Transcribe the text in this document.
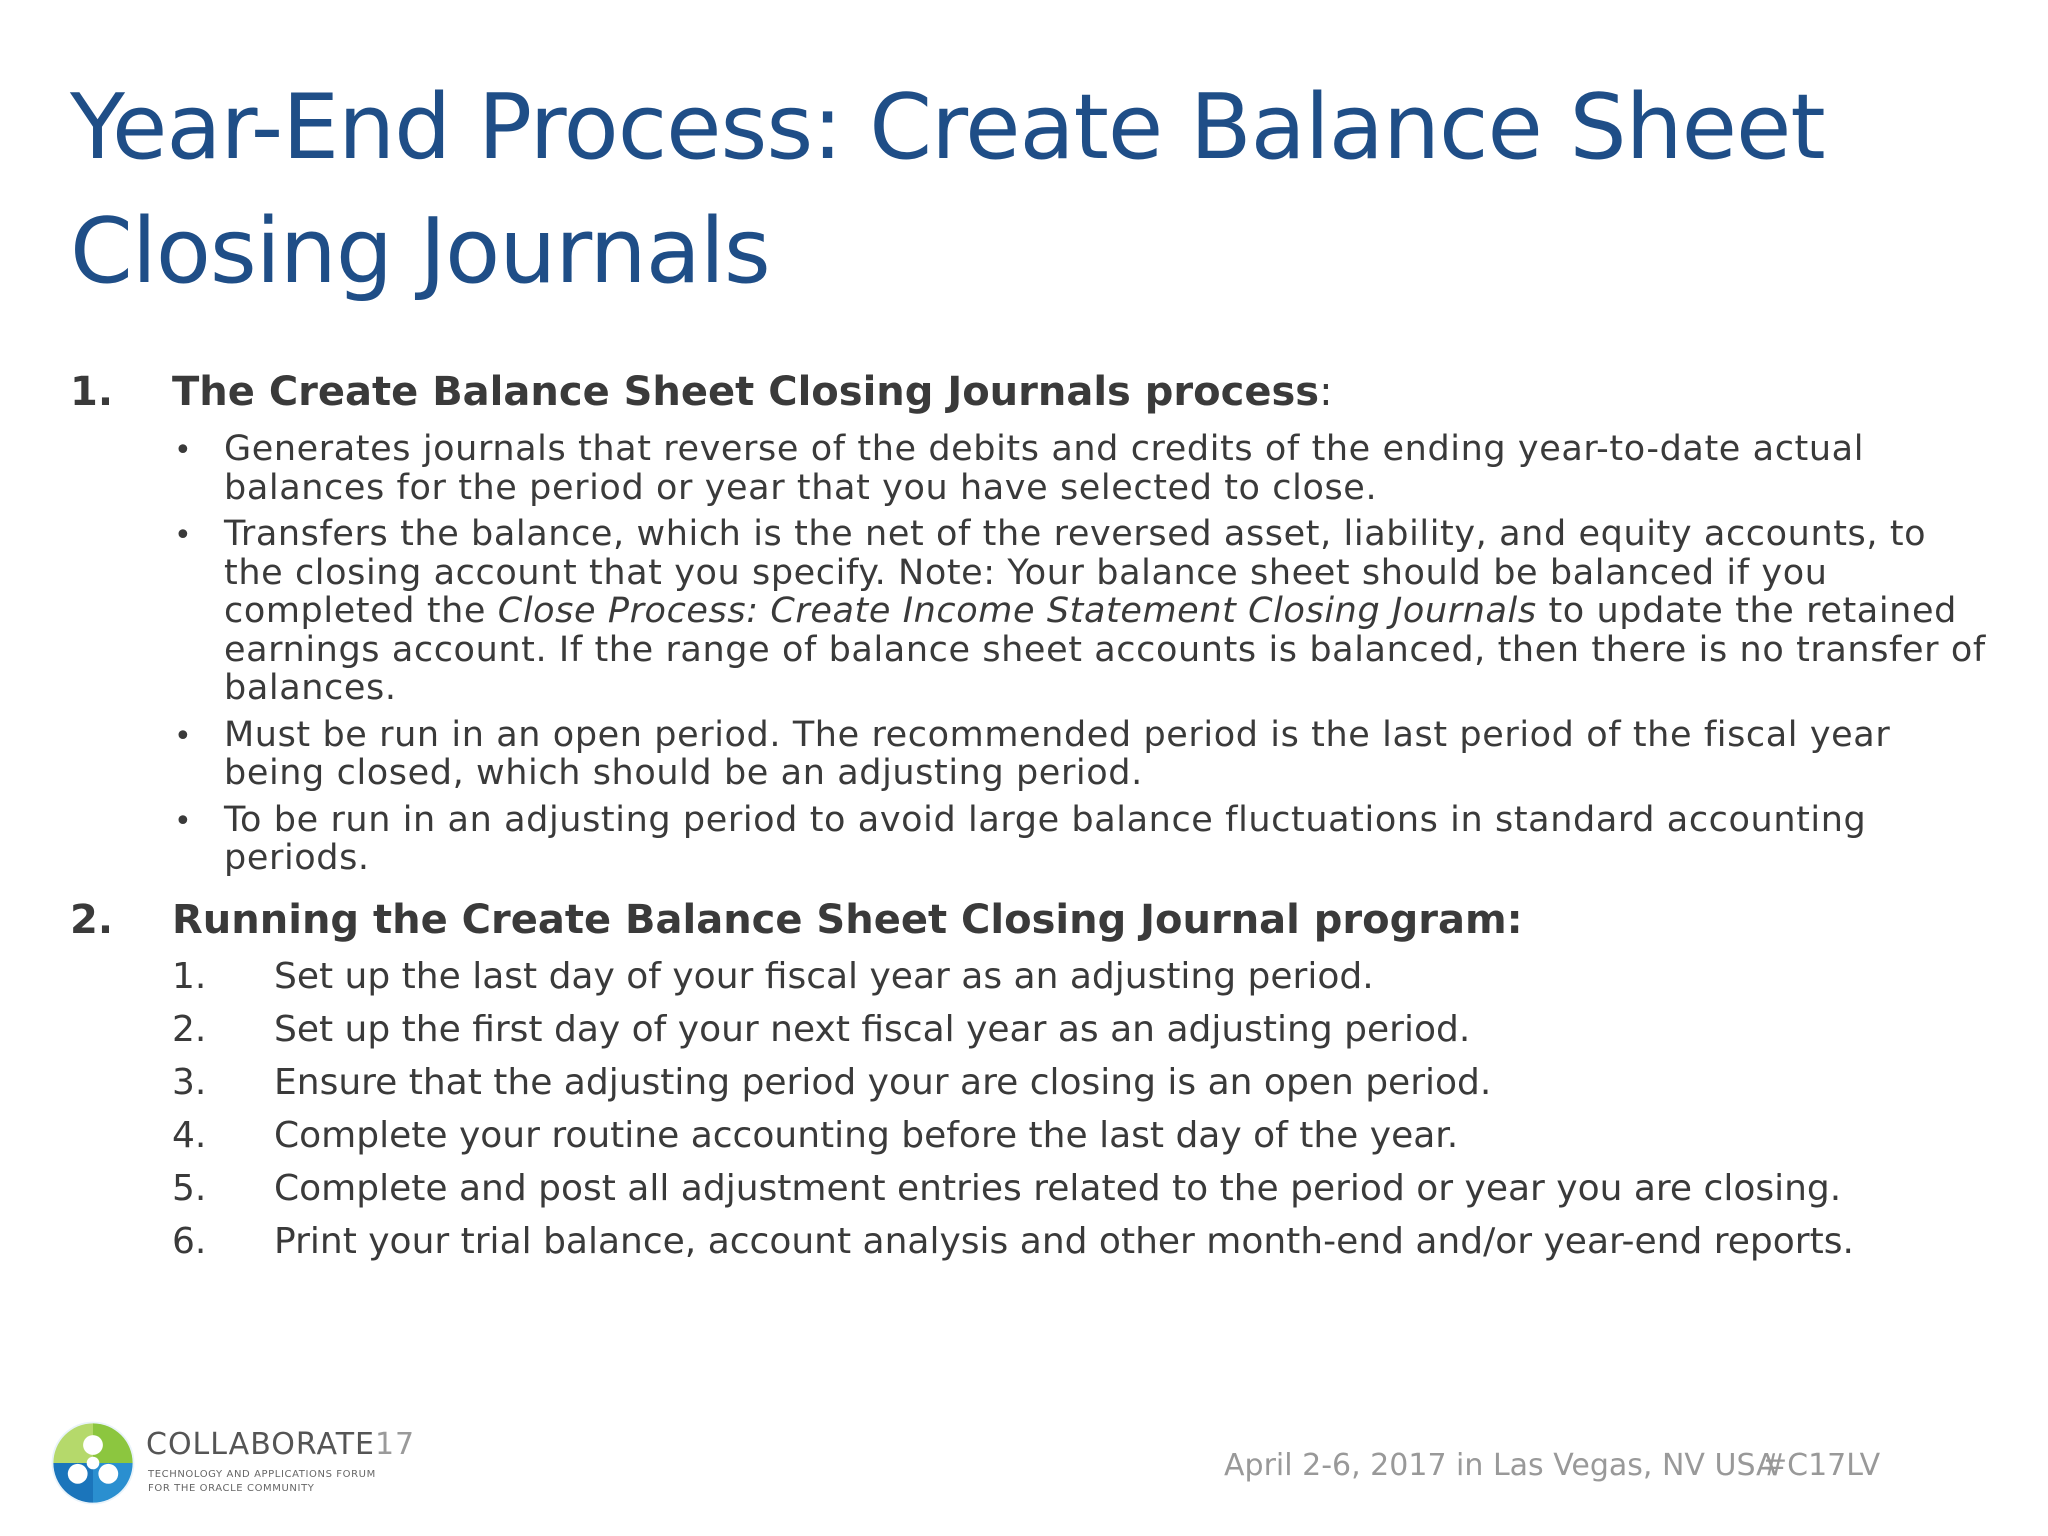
Year-End Process: Create Balance Sheet
Closing Journals
1. The Create Balance Sheet Closing Journals process:
• Generates journals that reverse of the debits and credits of the ending year-to-date actual balances for the period or year that you have selected to close.
• Transfers the balance, which is the net of the reversed asset, liability, and equity accounts, to the closing account that you specify. Note: Your balance sheet should be balanced if you completed the Close Process: Create Income Statement Closing Journals to update the retained earnings account. If the range of balance sheet accounts is balanced, then there is no transfer of balances.
• Must be run in an open period. The recommended period is the last period of the fiscal year being closed, which should be an adjusting period.
• To be run in an adjusting period to avoid large balance fluctuations in standard accounting periods.
2. Running the Create Balance Sheet Closing Journal program:
1. Set up the last day of your fiscal year as an adjusting period.
2. Set up the first day of your next fiscal year as an adjusting period.
3. Ensure that the adjusting period your are closing is an open period.
4. Complete your routine accounting before the last day of the year.
5. Complete and post all adjustment entries related to the period or year you are closing.
6. Print your trial balance, account analysis and other month-end and/or year-end reports.
COLLABORATE17
TECHNOLOGY AND APPLICATIONS FORUM
FOR THE ORACLE COMMUNITY
April 2-6, 2017 in Las Vegas, NV USA
#C17LV
